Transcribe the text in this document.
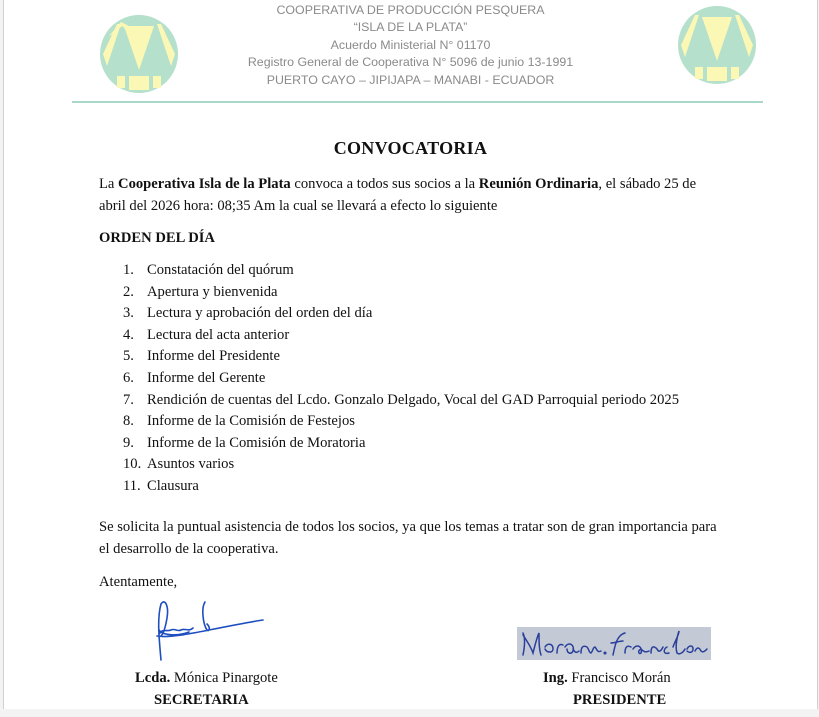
COOPERATIVA DE PRODUCCIÓN PESQUERA
“ISLA DE LA PLATA”
Acuerdo Ministerial N° 01170
Registro General de Cooperativa N° 5096 de junio 13-1991
PUERTO CAYO – JIPIJAPA – MANABI - ECUADOR
CONVOCATORIA
La Cooperativa Isla de la Plata convoca a todos sus socios a la Reunión Ordinaria, el sábado 25 de abril del 2026 hora: 08;35 Am la cual se llevará a efecto lo siguiente
ORDEN DEL DÍA
1. Constatación del quórum
2. Apertura y bienvenida
3. Lectura y aprobación del orden del día
4. Lectura del acta anterior
5. Informe del Presidente
6. Informe del Gerente
7. Rendición de cuentas del Lcdo. Gonzalo Delgado, Vocal del GAD Parroquial periodo 2025
8. Informe de la Comisión de Festejos
9. Informe de la Comisión de Moratoria
10. Asuntos varios
11. Clausura
Se solicita la puntual asistencia de todos los socios, ya que los temas a tratar son de gran importancia para el desarrollo de la cooperativa.
Atentamente,
Lcda. Mónica Pinargote
SECRETARIA
Ing. Francisco Morán
PRESIDENTE
